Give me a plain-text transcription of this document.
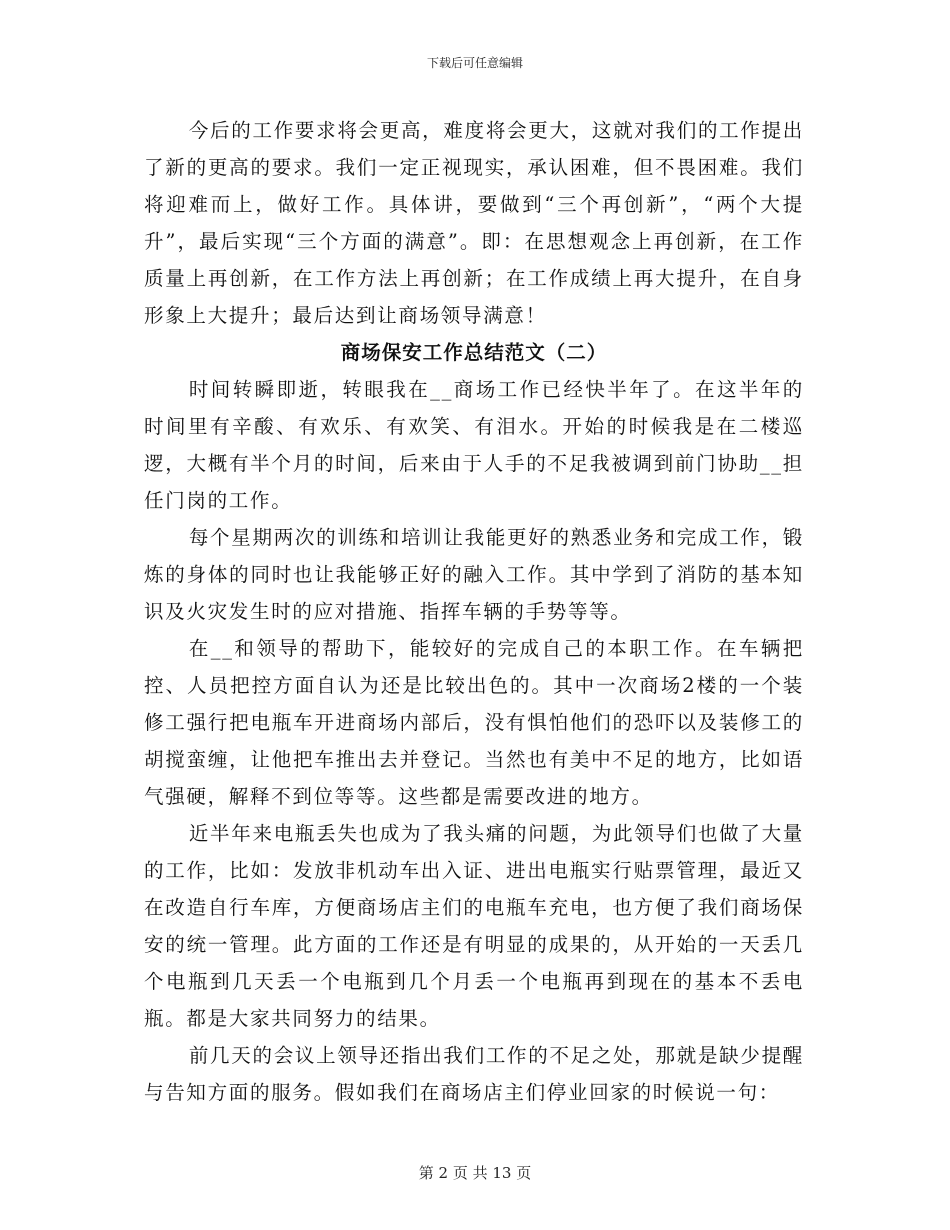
下载后可任意编辑

今后的工作要求将会更高，难度将会更大，这就对我们的工作提出了新的更高的要求。我们一定正视现实，承认困难，但不畏困难。我们将迎难而上，做好工作。具体讲，要做到“三个再创新”，“两个大提升”，最后实现“三个方面的满意”。即：在思想观念上再创新，在工作质量上再创新，在工作方法上再创新；在工作成绩上再大提升，在自身形象上大提升；最后达到让商场领导满意！

商场保安工作总结范文（二）

时间转瞬即逝，转眼我在__商场工作已经快半年了。在这半年的时间里有辛酸、有欢乐、有欢笑、有泪水。开始的时候我是在二楼巡逻，大概有半个月的时间，后来由于人手的不足我被调到前门协助__担任门岗的工作。

每个星期两次的训练和培训让我能更好的熟悉业务和完成工作，锻炼的身体的同时也让我能够正好的融入工作。其中学到了消防的基本知识及火灾发生时的应对措施、指挥车辆的手势等等。

在__和领导的帮助下，能较好的完成自己的本职工作。在车辆把控、人员把控方面自认为还是比较出色的。其中一次商场2楼的一个装修工强行把电瓶车开进商场内部后，没有惧怕他们的恐吓以及装修工的胡搅蛮缠，让他把车推出去并登记。当然也有美中不足的地方，比如语气强硬，解释不到位等等。这些都是需要改进的地方。

近半年来电瓶丢失也成为了我头痛的问题，为此领导们也做了大量的工作，比如：发放非机动车出入证、进出电瓶实行贴票管理，最近又在改造自行车库，方便商场店主们的电瓶车充电，也方便了我们商场保安的统一管理。此方面的工作还是有明显的成果的，从开始的一天丢几个电瓶到几天丢一个电瓶到几个月丢一个电瓶再到现在的基本不丢电瓶。都是大家共同努力的结果。

前几天的会议上领导还指出我们工作的不足之处，那就是缺少提醒与告知方面的服务。假如我们在商场店主们停业回家的时候说一句：

第 2 页 共 13 页
